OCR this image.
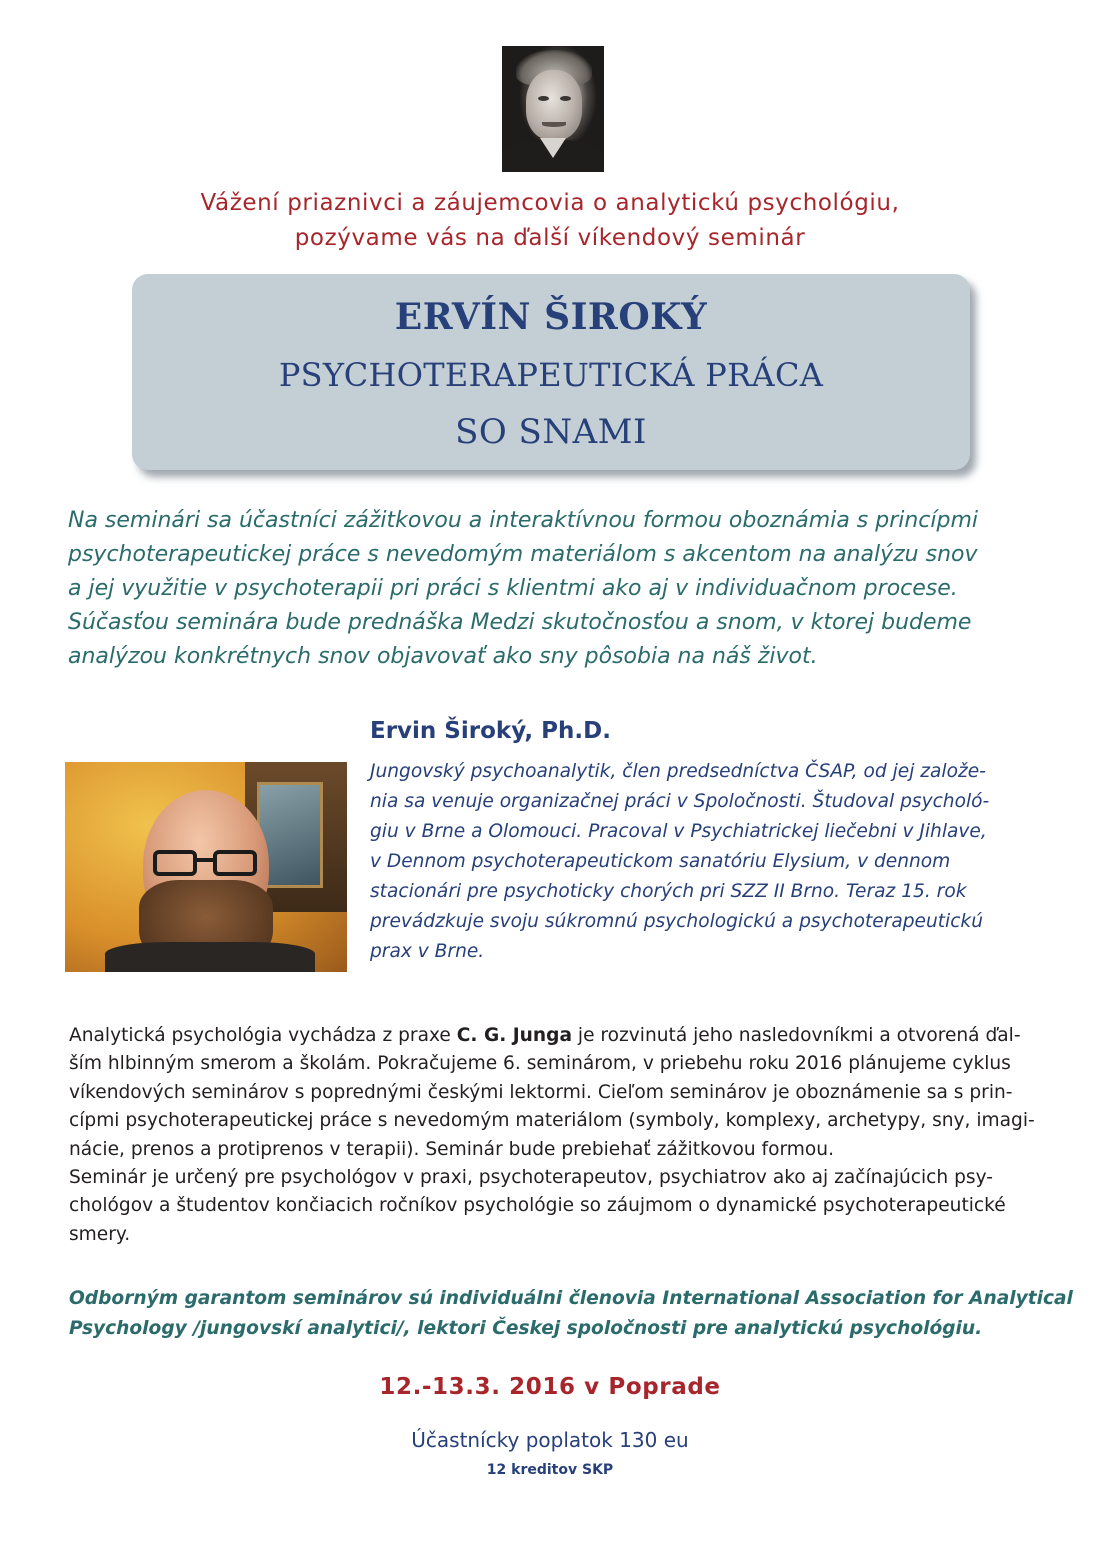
Vážení priaznivci a záujemcovia o analytickú psychológiu,
pozývame vás na ďalší víkendový seminár
ERVÍN ŠIROKÝ
PSYCHOTERAPEUTICKÁ PRÁCA
SO SNAMI
Na seminári sa účastníci zážitkovou a interaktívnou formou oboznámia s princípmi
psychoterapeutickej práce s nevedomým materiálom s akcentom na analýzu snov
a jej využitie v psychoterapii pri práci s klientmi ako aj v individuačnom procese.
Súčasťou seminára bude prednáška Medzi skutočnosťou a snom, v ktorej budeme
analýzou konkrétnych snov objavovať ako sny pôsobia na náš život.
Ervin Široký, Ph.D.
Jungovský psychoanalytik, člen predsedníctva ČSAP, od jej založe-
nia sa venuje organizačnej práci v Spoločnosti. Študoval psycholó-
giu v Brne a Olomouci. Pracoval v Psychiatrickej liečebni v Jihlave,
v Dennom psychoterapeutickom sanatóriu Elysium, v dennom
stacionári pre psychoticky chorých pri SZZ II Brno. Teraz 15. rok
prevádzkuje svoju súkromnú psychologickú a psychoterapeutickú
prax v Brne.
Analytická psychológia vychádza z praxe C. G. Junga je rozvinutá jeho nasledovníkmi a otvorená ďal-
ším hlbinným smerom a školám. Pokračujeme 6. seminárom, v priebehu roku 2016 plánujeme cyklus
víkendových seminárov s poprednými českými lektormi. Cieľom seminárov je oboznámenie sa s prin-
cípmi psychoterapeutickej práce s nevedomým materiálom (symboly, komplexy, archetypy, sny, imagi-
nácie, prenos a protiprenos v terapii). Seminár bude prebiehať zážitkovou formou.
Seminár je určený pre psychológov v praxi, psychoterapeutov, psychiatrov ako aj začínajúcich psy-
chológov a študentov končiacich ročníkov psychológie so záujmom o dynamické psychoterapeutické
smery.
Odborným garantom seminárov sú individuálni členovia International Association for Analytical
Psychology /jungovskí analytici/, lektori Českej spoločnosti pre analytickú psychológiu.
12.-13.3. 2016 v Poprade
Účastnícky poplatok 130 eu
12 kreditov SKP
